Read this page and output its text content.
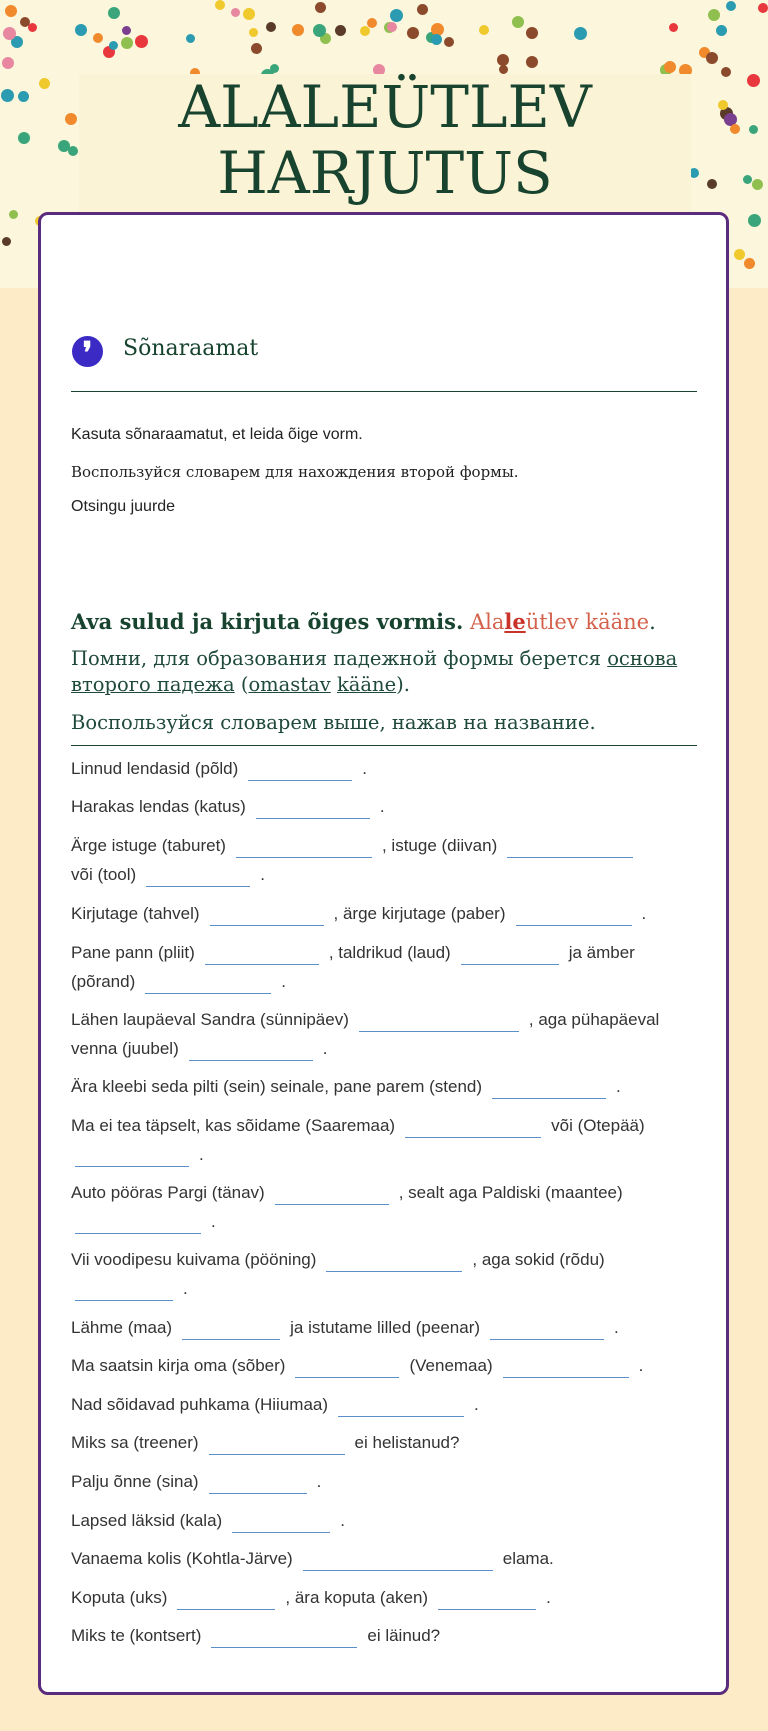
ALALEÜTLEV
HARJUTUS
❜	Sõnaraamat
Kasuta sõnaraamatut, et leida õige vorm.
Воспользуйся словарем для нахождения второй формы.
Otsingu juurde
Ava sulud ja kirjuta õiges vormis. Alaleütlev kääne.
Помни, для образования падежной формы берется основа второго падежа (omastav kääne).
Воспользуйся словарем выше, нажав на название.
Linnud lendasid (põld)	.
Harakas lendas (katus)	.
Ärge istuge (taburet)	, istuge (diivan)
või (tool)	.
Kirjutage (tahvel)	, ärge kirjutage (paber)	.
Pane pann (pliit)	, taldrikud (laud)	ja ämber
(põrand)	.
Lähen laupäeval Sandra (sünnipäev)	, aga pühapäeval
venna (juubel)	.
Ära kleebi seda pilti (sein) seinale, pane parem (stend)	.
Ma ei tea täpselt, kas sõidame (Saaremaa)	või (Otepää)
.
Auto pööras Pargi (tänav)	, sealt aga Paldiski (maantee)
.
Vii voodipesu kuivama (pööning)	, aga sokid (rõdu)
.
Lähme (maa)	ja istutame lilled (peenar)	.
Ma saatsin kirja oma (sõber)	(Venemaa)	.
Nad sõidavad puhkama (Hiiumaa)	.
Miks sa (treener)	ei helistanud?
Palju õnne (sina)	.
Lapsed läksid (kala)	.
Vanaema kolis (Kohtla-Järve)	elama.
Koputa (uks)	, ära koputa (aken)	.
Miks te (kontsert)	ei läinud?
